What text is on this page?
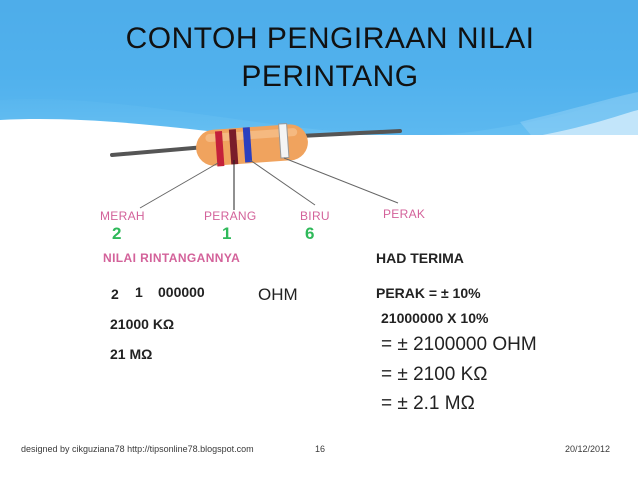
CONTOH PENGIRAAN NILAI PERINTANG
MERAH	PERANG	BIRU	PERAK
2	1	6
NILAI RINTANGANNYA
2 1 000000	OHM
21000 KΩ
21 MΩ
HAD TERIMA
PERAK = ± 10%
21000000 X 10%
= ± 2100000 OHM
= ± 2100 KΩ
= ± 2.1 MΩ
designed by cikguziana78 http://tipsonline78.blogspot.com	16	20/12/2012
